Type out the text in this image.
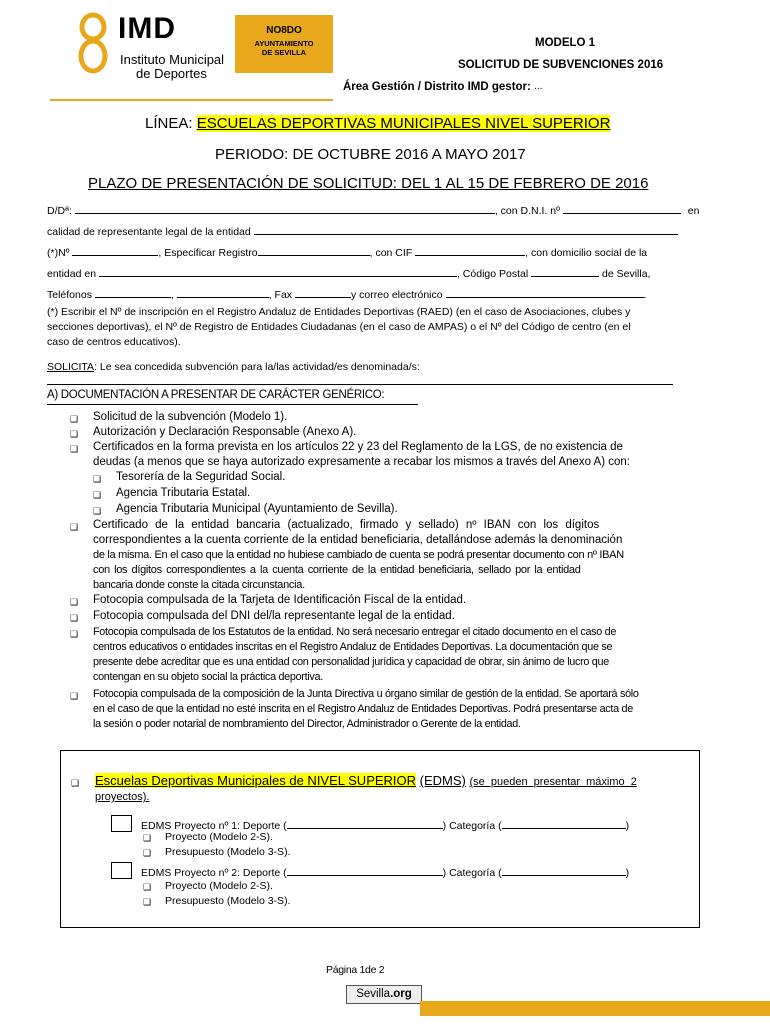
IMD
Instituto Municipal
de Deportes
NO8DO
AYUNTAMIENTO
DE SEVILLA
MODELO 1
SOLICITUD DE SUBVENCIONES 2016
Área Gestión / Distrito IMD gestor: ...
LÍNEA: ESCUELAS DEPORTIVAS MUNICIPALES NIVEL SUPERIOR
PERIODO: DE OCTUBRE 2016 A MAYO 2017
PLAZO DE PRESENTACIÓN DE SOLICITUD: DEL 1 AL 15 DE FEBRERO DE 2016
D/Dª:	, con D.N.I. nº	en
calidad de representante legal de la entidad
(*)Nº	, Especificar Registro	, con CIF	, con domicilio social de la
entidad en	, Código Postal	de Sevilla,
Teléfonos	,	, Fax	y correo electrónico	.
(*) Escribir el Nº de inscripción en el Registro Andaluz de Entidades Deportivas (RAED) (en el caso de Asociaciones, clubes y
secciones deportivas), el Nº de Registro de Entidades Ciudadanas (en el caso de AMPAS) o el Nº del Código de centro (en el
caso de centros educativos).
SOLICITA: Le sea concedida subvención para la/las actividad/es denominada/s:
A) DOCUMENTACIÓN A PRESENTAR DE CARÁCTER GENÉRICO:
❑ Solicitud de la subvención (Modelo 1).
❑ Autorización y Declaración Responsable (Anexo A).
❑ Certificados en la forma prevista en los artículos 22 y 23 del Reglamento de la LGS, de no existencia de
deudas (a menos que se haya autorizado expresamente a recabar los mismos a través del Anexo A) con:
❑ Tesorería de la Seguridad Social.
❑ Agencia Tributaria Estatal.
❑ Agencia Tributaria Municipal (Ayuntamiento de Sevilla).
❑ Certificado de la entidad bancaria (actualizado, firmado y sellado) nº IBAN con los dígitos
correspondientes a la cuenta corriente de la entidad beneficiaria, detallándose además la denominación
de la misma. En el caso que la entidad no hubiese cambiado de cuenta se podrá presentar documento con nº IBAN
con los dígitos correspondientes a la cuenta corriente de la entidad beneficiaria, sellado por la entidad
bancaria donde conste la citada circunstancia.
❑ Fotocopia compulsada de la Tarjeta de Identificación Fiscal de la entidad.
❑ Fotocopia compulsada del DNI del/la representante legal de la entidad.
❑ Fotocopia compulsada de los Estatutos de la entidad. No será necesario entregar el citado documento en el caso de
centros educativos o entidades inscritas en el Registro Andaluz de Entidades Deportivas. La documentación que se
presente debe acreditar que es una entidad con personalidad jurídica y capacidad de obrar, sin ánimo de lucro que
contengan en su objeto social la práctica deportiva.
❑ Fotocopia compulsada de la composición de la Junta Directiva u órgano similar de gestión de la entidad. Se aportará sólo
en el caso de que la entidad no esté inscrita en el Registro Andaluz de Entidades Deportivas. Podrá presentarse acta de
la sesión o poder notarial de nombramiento del Director, Administrador o Gerente de la entidad.
❑ Escuelas Deportivas Municipales de NIVEL SUPERIOR (EDMS) (se pueden presentar máximo 2
proyectos).
EDMS Proyecto nº 1: Deporte (	) Categoría (	)
❑ Proyecto (Modelo 2-S).
❑ Presupuesto (Modelo 3-S).
EDMS Proyecto nº 2: Deporte (	) Categoría (	)
❑ Proyecto (Modelo 2-S).
❑ Presupuesto (Modelo 3-S).
Página 1de 2
Sevilla.org
